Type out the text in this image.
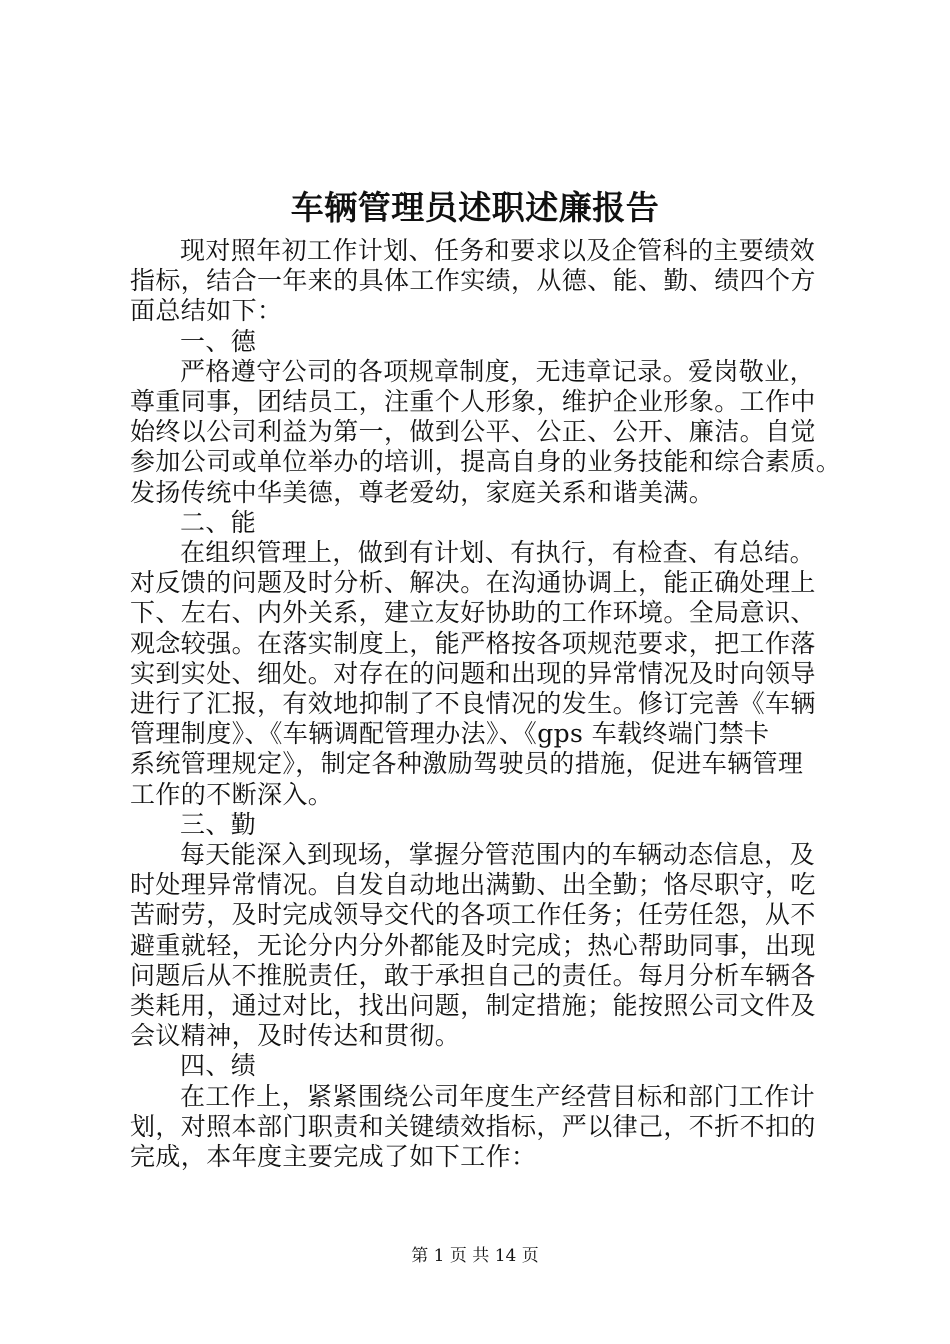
车辆管理员述职述廉报告
现对照年初工作计划、任务和要求以及企管科的主要绩效
指标，结合一年来的具体工作实绩，从德、能、勤、绩四个方
面总结如下：
一、德
严格遵守公司的各项规章制度，无违章记录。爱岗敬业，
尊重同事，团结员工，注重个人形象，维护企业形象。工作中
始终以公司利益为第一，做到公平、公正、公开、廉洁。自觉
参加公司或单位举办的培训，提高自身的业务技能和综合素质。
发扬传统中华美德，尊老爱幼，家庭关系和谐美满。
二、能
在组织管理上，做到有计划、有执行，有检查、有总结。
对反馈的问题及时分析、解决。在沟通协调上，能正确处理上
下、左右、内外关系，建立友好协助的工作环境。全局意识、
观念较强。在落实制度上，能严格按各项规范要求，把工作落
实到实处、细处。对存在的问题和出现的异常情况及时向领导
进行了汇报，有效地抑制了不良情况的发生。修订完善《车辆
管理制度》、《车辆调配管理办法》、《gps 车载终端门禁卡
系统管理规定》，制定各种激励驾驶员的措施，促进车辆管理
工作的不断深入。
三、勤
每天能深入到现场，掌握分管范围内的车辆动态信息，及
时处理异常情况。自发自动地出满勤、出全勤；恪尽职守，吃
苦耐劳，及时完成领导交代的各项工作任务；任劳任怨，从不
避重就轻，无论分内分外都能及时完成；热心帮助同事，出现
问题后从不推脱责任，敢于承担自己的责任。每月分析车辆各
类耗用，通过对比，找出问题，制定措施；能按照公司文件及
会议精神，及时传达和贯彻。
四、绩
在工作上，紧紧围绕公司年度生产经营目标和部门工作计
划，对照本部门职责和关键绩效指标，严以律己，不折不扣的
完成，本年度主要完成了如下工作：
第 1 页 共 14 页
